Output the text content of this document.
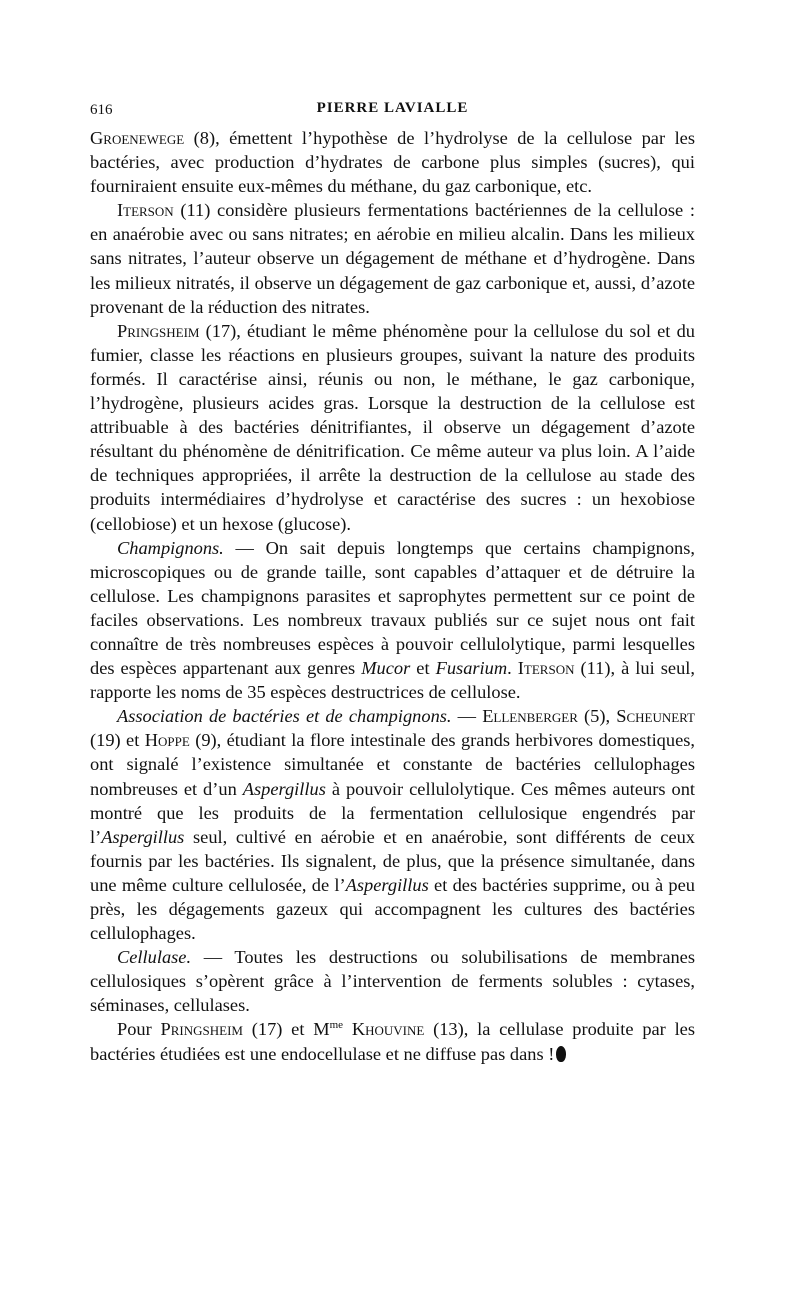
616	PIERRE LAVIALLE

Groenewege (8), émettent l’hypothèse de l’hydrolyse de la cellulose par les bactéries, avec production d’hydrates de carbone plus simples (sucres), qui fourniraient ensuite eux-mêmes du méthane, du gaz carbonique, etc.

Iterson (11) considère plusieurs fermentations bactériennes de la cellulose : en anaérobie avec ou sans nitrates; en aérobie en milieu alcalin. Dans les milieux sans nitrates, l’auteur observe un dégagement de méthane et d’hydrogène. Dans les milieux nitratés, il observe un dégagement de gaz carbonique et, aussi, d’azote provenant de la réduction des nitrates.

Pringsheim (17), étudiant le même phénomène pour la cellulose du sol et du fumier, classe les réactions en plusieurs groupes, suivant la nature des produits formés. Il caractérise ainsi, réunis ou non, le méthane, le gaz carbonique, l’hydrogène, plusieurs acides gras. Lorsque la destruction de la cellulose est attribuable à des bactéries dénitrifiantes, il observe un dégagement d’azote résultant du phénomène de dénitrification. Ce même auteur va plus loin. A l’aide de techniques appropriées, il arrête la destruction de la cellulose au stade des produits intermédiaires d’hydrolyse et caractérise des sucres : un hexobiose (cellobiose) et un hexose (glucose).

Champignons. — On sait depuis longtemps que certains champignons, microscopiques ou de grande taille, sont capables d’attaquer et de détruire la cellulose. Les champignons parasites et saprophytes permettent sur ce point de faciles observations. Les nombreux travaux publiés sur ce sujet nous ont fait connaître de très nombreuses espèces à pouvoir cellulolytique, parmi lesquelles des espèces appartenant aux genres Mucor et Fusarium. Iterson (11), à lui seul, rapporte les noms de 35 espèces destructrices de cellulose.

Association de bactéries et de champignons. — Ellenberger (5), Scheunert (19) et Hoppe (9), étudiant la flore intestinale des grands herbivores domestiques, ont signalé l’existence simultanée et constante de bactéries cellulophages nombreuses et d’un Aspergillus à pouvoir cellulolytique. Ces mêmes auteurs ont montré que les produits de la fermentation cellulosique engendrés par l’Aspergillus seul, cultivé en aérobie et en anaérobie, sont différents de ceux fournis par les bactéries. Ils signalent, de plus, que la présence simultanée, dans une même culture cellulosée, de l’Aspergillus et des bactéries supprime, ou à peu près, les dégagements gazeux qui accompagnent les cultures des bactéries cellulophages.

Cellulase. — Toutes les destructions ou solubilisations de membranes cellulosiques s’opèrent grâce à l’intervention de ferments solubles : cytases, séminases, cellulases.

Pour Pringsheim (17) et $M^{me}$ Khouvine (13), la cellulase produite par les bactéries étudiées est une endocellulase et ne diffuse pas dans !
